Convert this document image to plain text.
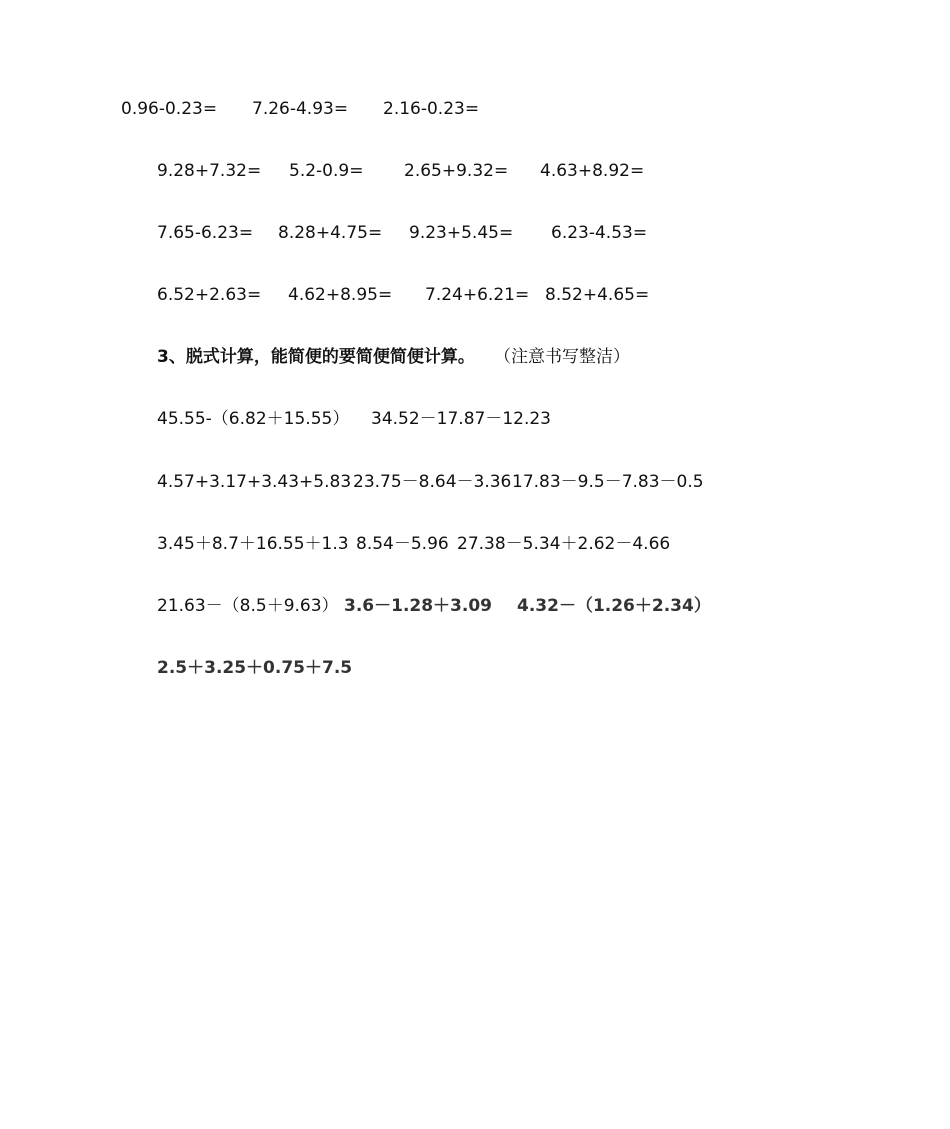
0.96-0.23= 7.26-4.93= 2.16-0.23=
9.28+7.32= 5.2-0.9= 2.65+9.32= 4.63+8.92=
7.65-6.23= 8.28+4.75= 9.23+5.45= 6.23-4.53=
6.52+2.63= 4.62+8.95= 7.24+6.21= 8.52+4.65=
3、脱式计算，能简便的要简便简便计算。 （注意书写整洁）
45.55-（6.82＋15.55） 34.52－17.87－12.23
4.57+3.17+3.43+5.83 23.75－8.64－3.36 17.83－9.5－7.83－0.5
3.45＋8.7＋16.55＋1.3 8.54－5.96 27.38－5.34＋2.62－4.66
21.63－（8.5＋9.63） 3.6－1.28＋3.09 4.32－（1.26＋2.34）
2.5＋3.25＋0.75＋7.5
